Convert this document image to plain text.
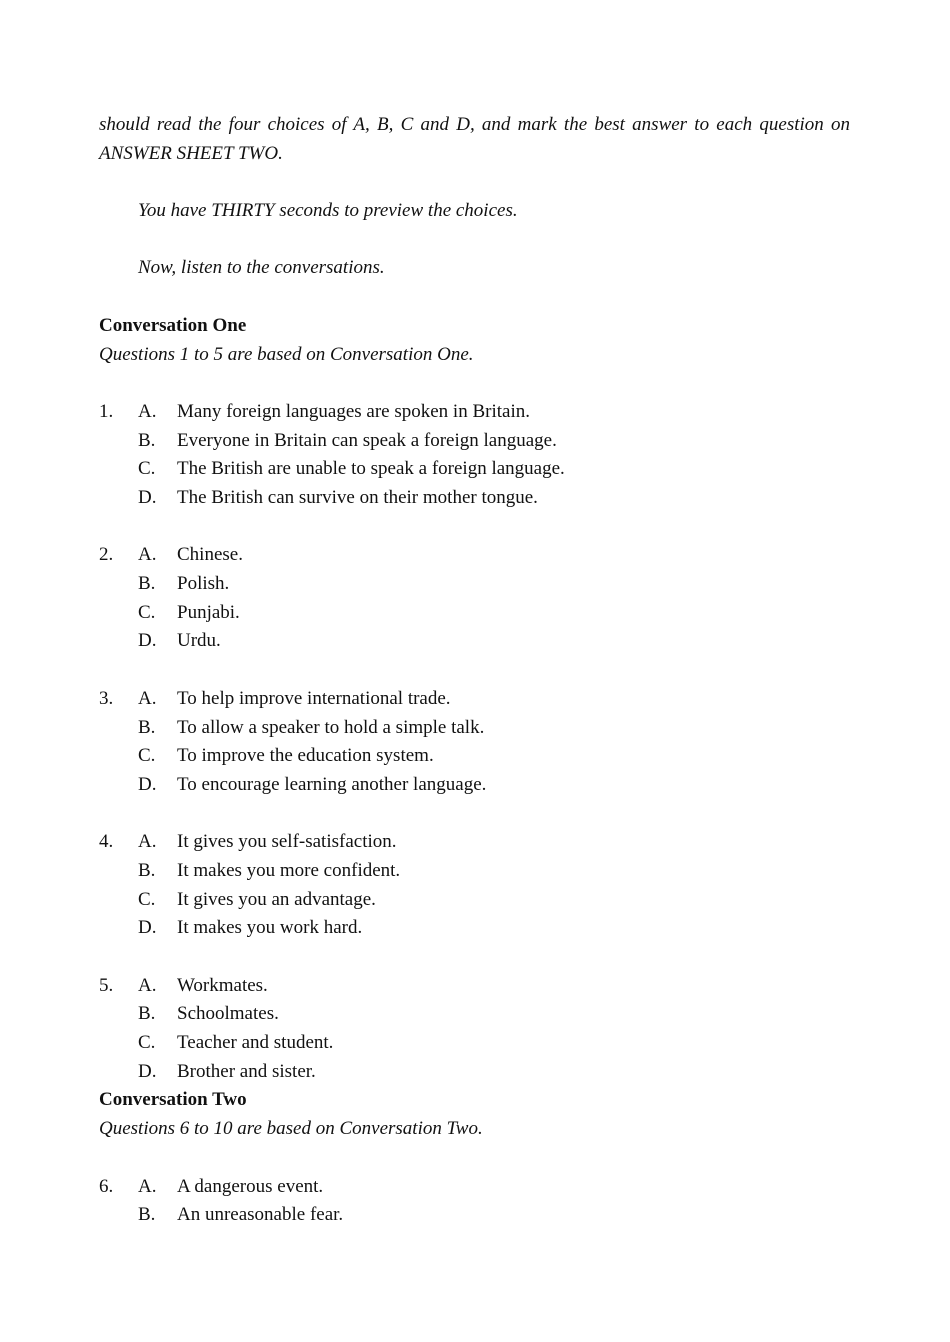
should read the four choices of A, B, C and D, and mark the best answer to each question on ANSWER SHEET TWO.

You have THIRTY seconds to preview the choices.

Now, listen to the conversations.

Conversation One

Questions 1 to 5 are based on Conversation One.

1.	A.	Many foreign languages are spoken in Britain.
B.	Everyone in Britain can speak a foreign language.
C.	The British are unable to speak a foreign language.
D.	The British can survive on their mother tongue.
2.	A.	Chinese.
B.	Polish.
C.	Punjabi.
D.	Urdu.
3.	A.	To help improve international trade.
B.	To allow a speaker to hold a simple talk.
C.	To improve the education system.
D.	To encourage learning another language.
4.	A.	It gives you self-satisfaction.
B.	It makes you more confident.
C.	It gives you an advantage.
D.	It makes you work hard.
5.	A.	Workmates.
B.	Schoolmates.
C.	Teacher and student.
D.	Brother and sister.

Conversation Two

Questions 6 to 10 are based on Conversation Two.

6.	A.	A dangerous event.
B.	An unreasonable fear.
